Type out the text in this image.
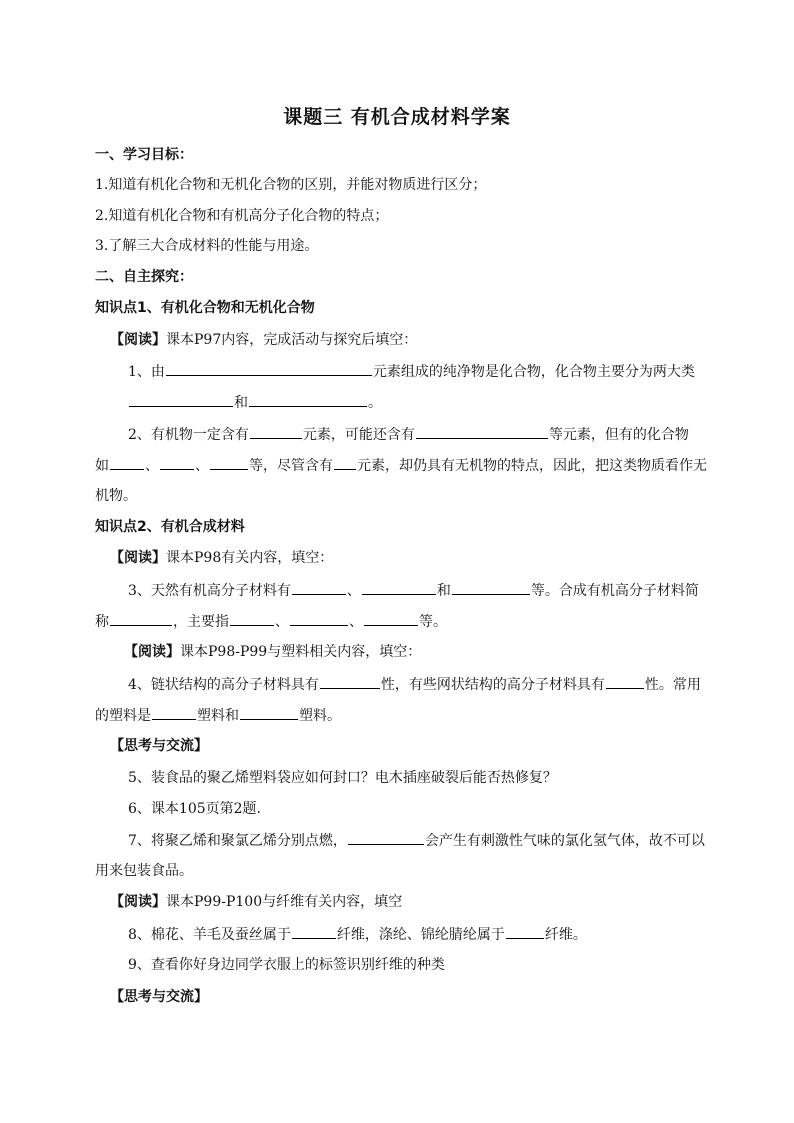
课题三 有机合成材料学案
一、学习目标：
1.知道有机化合物和无机化合物的区别，并能对物质进行区分；
2.知道有机化合物和有机高分子化合物的特点；
3.了解三大合成材料的性能与用途。
二、自主探究：
知识点1、有机化合物和无机化合物
【阅读】课本P97内容，完成活动与探究后填空：
1、由	元素组成的纯净物是化合物，化合物主要分为两大类
和	。
2、有机物一定含有	元素，可能还含有	等元素，但有的化合物
如	、	、	等，尽管含有 元素，却仍具有无机物的特点，因此，把这类物质看作无
机物。
知识点2、有机合成材料
【阅读】课本P98有关内容，填空：
3、天然有机高分子材料有	、	和	等。合成有机高分子材料简
称	，主要指	、	、	等。
【阅读】课本P98-P99与塑料相关内容，填空：
4、链状结构的高分子材料具有	性，有些网状结构的高分子材料具有	性。常用
的塑料是	塑料和	塑料。
【思考与交流】
5、装食品的聚乙烯塑料袋应如何封口？电木插座破裂后能否热修复？
6、课本105页第2题.
7、将聚乙烯和聚氯乙烯分别点燃，	会产生有刺激性气味的氯化氢气体，故不可以
用来包装食品。
【阅读】课本P99-P100与纤维有关内容，填空
8、棉花、羊毛及蚕丝属于	纤维，涤纶、锦纶腈纶属于	纤维。
9、查看你好身边同学衣服上的标签识别纤维的种类
【思考与交流】
